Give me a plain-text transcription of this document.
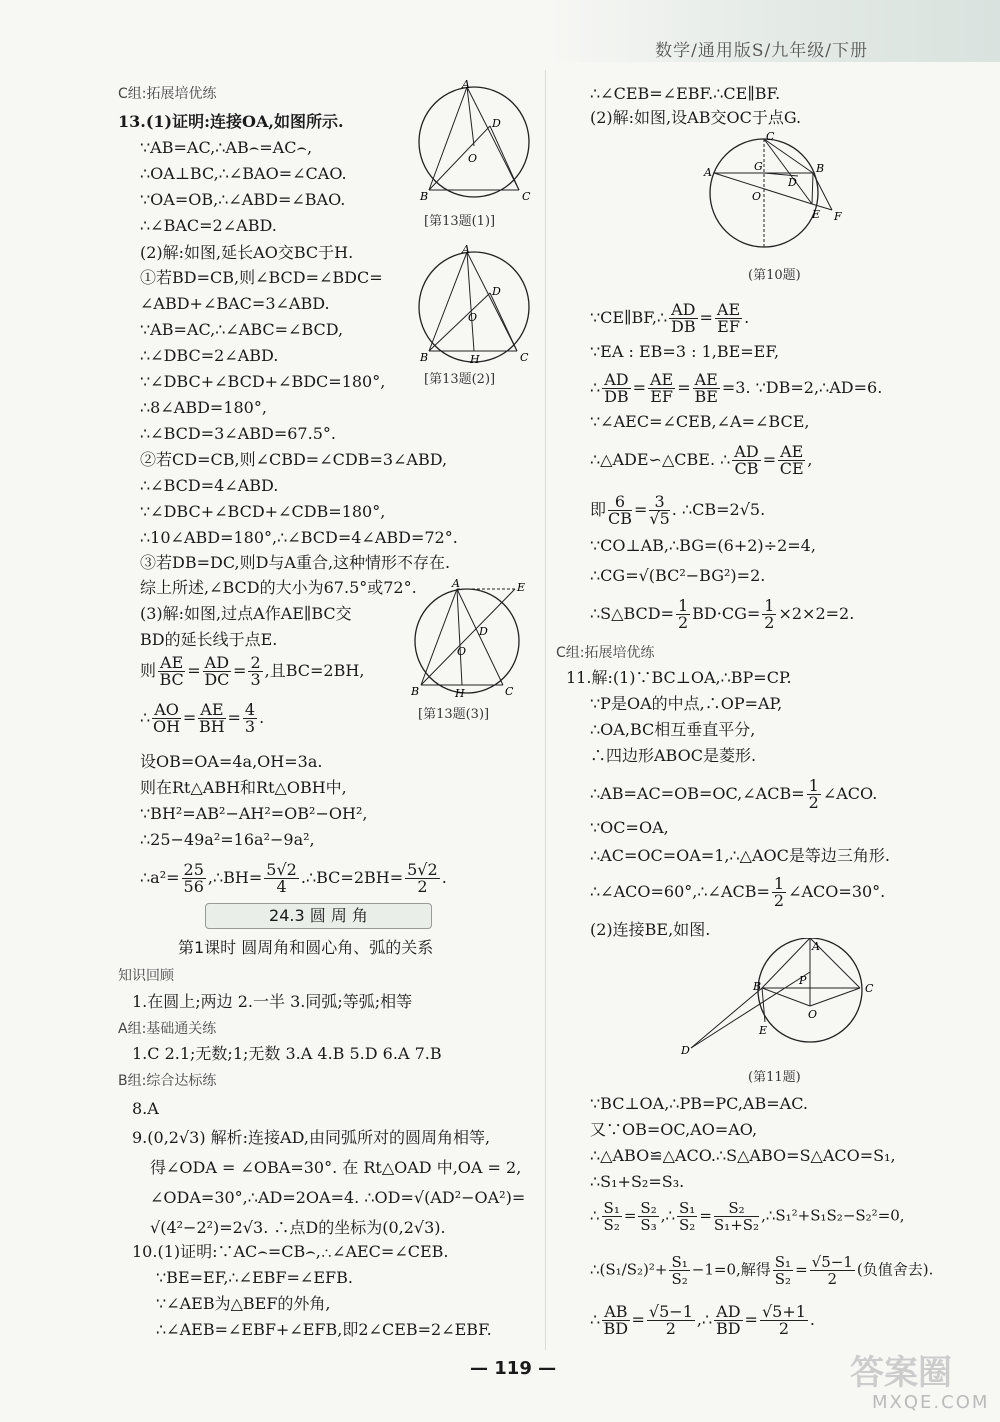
数学/通用版S/九年级/下册
C组:拓展培优练
13.(1)证明:连接OA,如图所示.
∵AB=AC,∴AB⌢=AC⌢,
∴OA⊥BC,∴∠BAO=∠CAO.
∵OA=OB,∴∠ABD=∠BAO.
∴∠BAC=2∠ABD.
(2)解:如图,延长AO交BC于H.
①若BD=CB,则∠BCD=∠BDC=
∠ABD+∠BAC=3∠ABD.
∵AB=AC,∴∠ABC=∠BCD,
∴∠DBC=2∠ABD.
∵∠DBC+∠BCD+∠BDC=180°,
∴8∠ABD=180°,
∴∠BCD=3∠ABD=67.5°.
②若CD=CB,则∠CBD=∠CDB=3∠ABD,
∴∠BCD=4∠ABD.
∵∠DBC+∠BCD+∠CDB=180°,
∴10∠ABD=180°,∴∠BCD=4∠ABD=72°.
③若DB=DC,则D与A重合,这种情形不存在.
综上所述,∠BCD的大小为67.5°或72°.
(3)解:如图,过点A作AE∥BC交
BD的延长线于点E.
则 $\frac{AE}{BC} = \frac{AD}{DC} = \frac{2}{3}$ ,且BC=2BH,
∴ $\frac{AO}{OH} = \frac{AE}{BH} = \frac{4}{3}$ .
设OB=OA=4a,OH=3a.
则在Rt△ABH和Rt△OBH中,
∵BH²=AB²−AH²=OB²−OH²,
∴25−49a²=16a²−9a²,
∴a²= $\frac{25}{56}$ ,∴BH= $\frac{5√2}{4}$ .∴BC=2BH= $\frac{5√2}{2}$ .
24.3 圆 周 角
第1课时 圆周角和圆心角、弧的关系
知识回顾
1.在圆上;两边 2.一半 3.同弧;等弧;相等
A组:基础通关练
1.C 2.1;无数;1;无数 3.A 4.B 5.D 6.A 7.B
B组:综合达标练
8.A
9.(0,2√3) 解析:连接AD,由同弧所对的圆周角相等,
得∠ODA = ∠OBA=30°. 在 Rt△OAD 中,OA = 2,
∠ODA=30°,∴AD=2OA=4. ∴OD=√(AD²−OA²)=
√(4²−2²)=2√3. ∴点D的坐标为(0,2√3).
10.(1)证明:∵AC⌢=CB⌢,∴∠AEC=∠CEB.
∵BE=EF,∴∠EBF=∠EFB.
∵∠AEB为△BEF的外角,
∴∠AEB=∠EBF+∠EFB,即2∠CEB=2∠EBF.
A
O
B	C
D
[第13题(1)]
A
O
B	H	C
D
[第13题(2)]
A	E
D
O
B	H	C
[第13题(3)]
∴∠CEB=∠EBF.∴CE∥BF.
(2)解:如图,设AB交OC于点G.
C
A	G
D
B
O
E F
(第10题)
∵CE∥BF,∴ $\frac{AD}{DB} = \frac{AE}{EF}$ .
∵EA : EB=3 : 1,BE=EF,
∴ $\frac{AD}{DB} = \frac{AE}{EF} = \frac{AE}{BE} =3$. ∵DB=2,∴AD=6.
∵∠AEC=∠CEB,∠A=∠BCE,
∴△ADE∽△CBE. ∴ $\frac{AD}{CB} = \frac{AE}{CE}$ ,
即 $\frac{6}{CB} = \frac{3}{√5}$ . ∴CB=2√5.
∵CO⊥AB,∴BG=(6+2)÷2=4,
∴CG=√(BC²−BG²)=2.
∴S△BCD= $\frac{1}{2} BD\cdot CG= \frac{1}{2} \times 2\times 2=2$.
C组:拓展培优练
11.解:(1)∵BC⊥OA,∴BP=CP.
∵P是OA的中点,∴OP=AP,
∴OA,BC相互垂直平分,
∴四边形ABOC是菱形.
∴AB=AC=OB=OC,∠ACB= $\frac{1}{2}$ ∠ACO.
∵OC=OA,
∴AC=OC=OA=1,∴△AOC是等边三角形.
∴∠ACO=60°,∴∠ACB= $\frac{1}{2}$ ∠ACO=30°.
(2)连接BE,如图.
A
B	P
C
O
E
D
(第11题)
∵BC⊥OA,∴PB=PC,AB=AC.
又∵OB=OC,AO=AO,
∴△ABO≌△ACO.∴S△ABO=S△ACO=S₁,
∴S₁+S₂=S₃.
∴ $\frac{\text{S₁}}{\text{S₂}} = \frac{\text{S₂}}{\text{S₃}}$ ,∴ $\frac{\text{S₁}}{\text{S₂}} = \frac{\text{S₂}}{\text{S₁+S₂}}$ ,∴S₁²+S₁S₂−S₂²=0,
∴(S₁/S₂)²+ $\frac{\text{S₁}}{\text{S₂}} -1=0$,解得 $\frac{\text{S₁}}{\text{S₂}} = \frac{√5-1}{2}$ (负值舍去).
∴ $\frac{AB}{BD} = \frac{√5-1}{2}$ ,∴ $\frac{AD}{BD} = \frac{√5+1}{2}$ .
— 119 —	答案圈
MXQE.COM
